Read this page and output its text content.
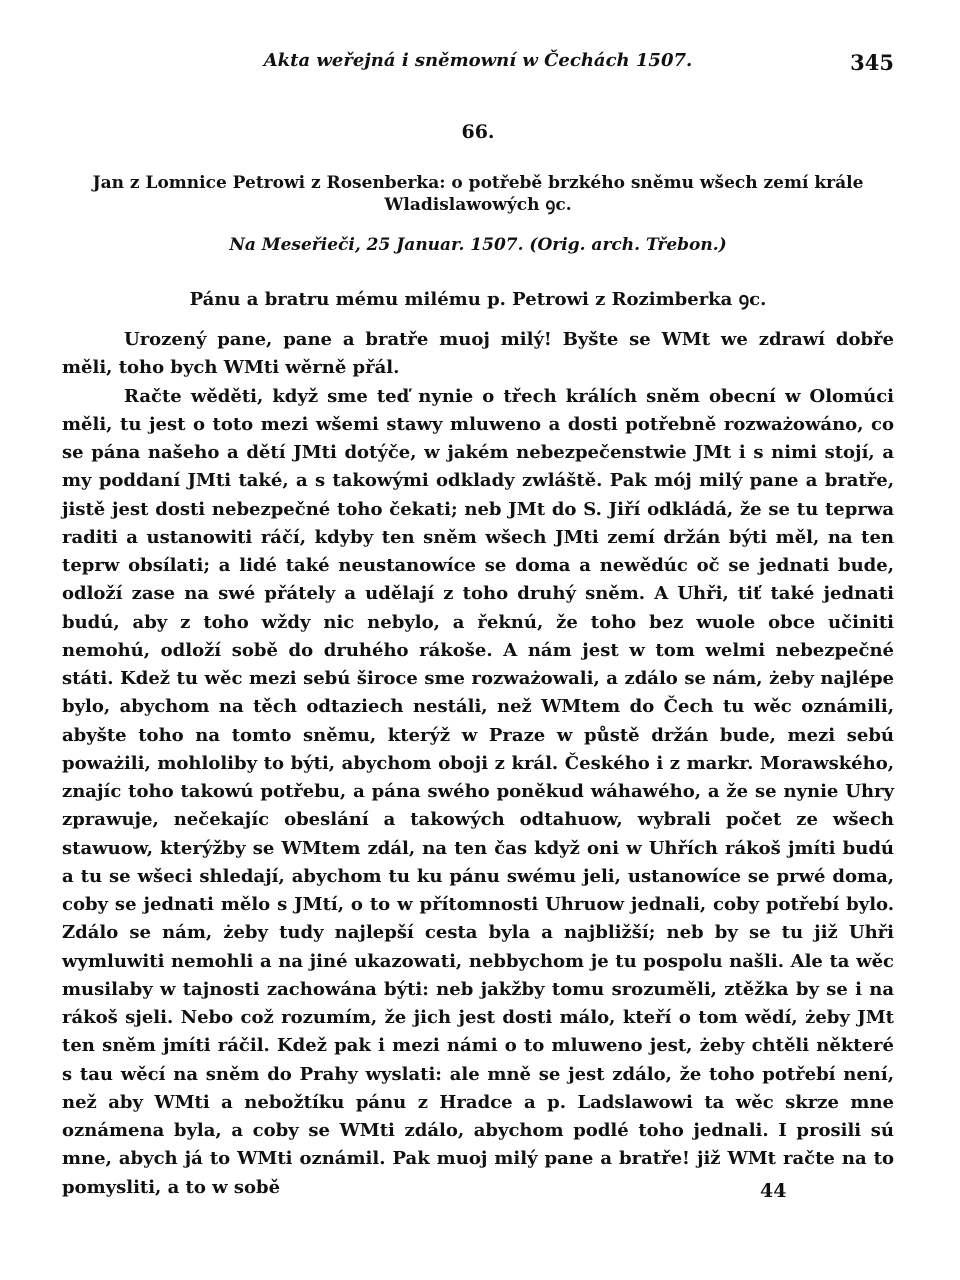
Akta weřejná i sněmowní w Čechách 1507.	345
66.
Jan z Lomnice Petrowi z Rosenberka: o potřebě brzkého sněmu wšech zemí krále Wladislawowých ꝯc.
Na Meseřieči, 25 Januar. 1507. (Orig. arch. Třebon.)
Pánu a bratru mému milému p. Petrowi z Rozimberka ꝯc.

Urozený pane, pane a bratře muoj milý! Byšte se WMt we zdrawí dobře měli, toho bych WMti wěrně přál.

Račte wěděti, když sme teď nynie o třech králích sněm obecní w Olomúci měli, tu jest o toto mezi wšemi stawy mluweno a dosti potřebně rozważowáno, co se pána našeho a dětí JMti dotýče, w jakém nebezpečenstwie JMt i s nimi stojí, a my poddaní JMti také, a s takowými odklady zwláště. Pak mój milý pane a bratře, jistě jest dosti nebezpečné toho čekati; neb JMt do S. Jiří odkládá, že se tu teprwa raditi a ustanowiti ráčí, kdyby ten sněm wšech JMti zemí držán býti měl, na ten teprw obsílati; a lidé také neustanowíce se doma a newědúc oč se jednati bude, odloží zase na swé přátely a udělají z toho druhý sněm. A Uhři, tiť také jednati budú, aby z toho wždy nic nebylo, a řeknú, že toho bez wuole obce učiniti nemohú, odloží sobě do druhého rákoše. A nám jest w tom welmi nebezpečné státi. Kdež tu wěc mezi sebú široce sme rozważowali, a zdálo se nám, żeby najlépe bylo, abychom na těch odtaziech nestáli, než WMtem do Čech tu wěc oznámili, abyšte toho na tomto sněmu, kterýž w Praze w půstě držán bude, mezi sebú poważili, mohloliby to býti, abychom oboji z král. Českého i z markr. Morawského, znajíc toho takowú potřebu, a pána swého poněkud wáhawého, a že se nynie Uhry zprawuje, nečekajíc obeslání a takowých odtahuow, wybrali počet ze wšech stawuow, kterýžby se WMtem zdál, na ten čas když oni w Uhřích rákoš jmíti budú a tu se wšeci shledají, abychom tu ku pánu swému jeli, ustanowíce se prwé doma, coby se jednati mělo s JMtí, o to w přítomnosti Uhruow jednali, coby potřebí bylo. Zdálo se nám, żeby tudy najlepší cesta byla a najbližší; neb by se tu již Uhři wymluwiti nemohli a na jiné ukazowati, nebbychom je tu pospolu našli. Ale ta wěc musilaby w tajnosti zachowána býti: neb jakžby tomu srozuměli, ztěžka by se i na rákoš sjeli. Nebo což rozumím, že jich jest dosti málo, kteří o tom wědí, żeby JMt ten sněm jmíti ráčil. Kdež pak i mezi námi o to mluweno jest, żeby chtěli některé s tau wěcí na sněm do Prahy wyslati: ale mně se jest zdálo, že toho potřebí není, než aby WMti a nebožtíku pánu z Hradce a p. Ladslawowi ta wěc skrze mne oznámena byla, a coby se WMti zdálo, abychom podlé toho jednali. I prosili sú mne, abych já to WMti oznámil. Pak muoj milý pane a bratře! již WMt račte na to pomysliti, a to w sobě	44
